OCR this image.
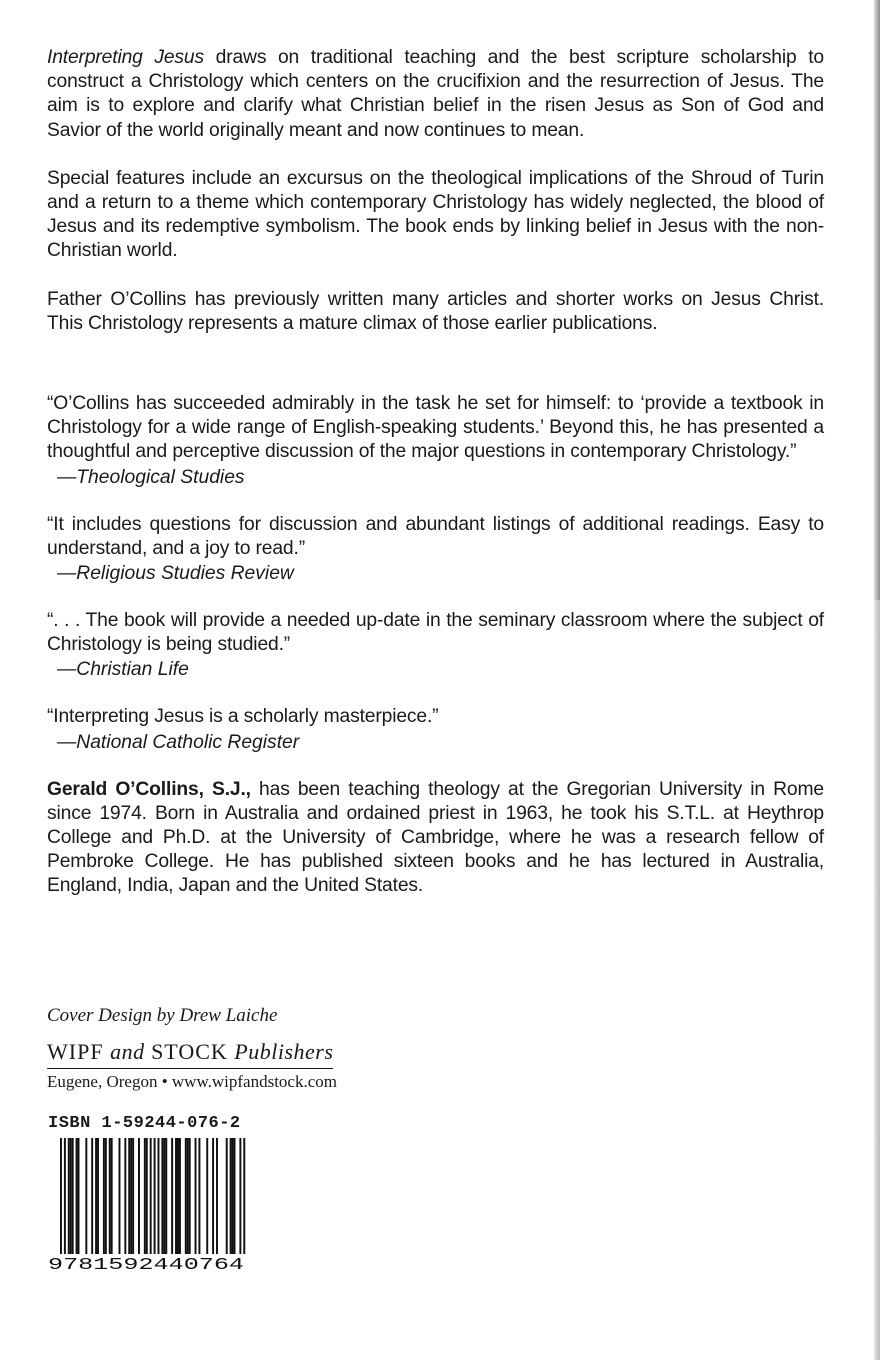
Interpreting Jesus draws on traditional teaching and the best scripture scholarship to construct a Christology which centers on the crucifixion and the resurrection of Jesus. The aim is to explore and clarify what Christian belief in the risen Jesus as Son of God and Savior of the world originally meant and now continues to mean.

Special features include an excursus on the theological implications of the Shroud of Turin and a return to a theme which contemporary Christology has widely neglected, the blood of Jesus and its redemptive symbolism. The book ends by linking belief in Jesus with the non-Christian world.

Father O’Collins has previously written many articles and shorter works on Jesus Christ. This Christology represents a mature climax of those earlier publications.

“O’Collins has succeeded admirably in the task he set for himself: to ‘provide a textbook in Christology for a wide range of English-speaking students.’ Beyond this, he has presented a thoughtful and perceptive discussion of the major questions in contemporary Christology.”

—Theological Studies

“It includes questions for discussion and abundant listings of additional readings. Easy to understand, and a joy to read.”

—Religious Studies Review

“. . . The book will provide a needed up-date in the seminary classroom where the subject of Christology is being studied.”

—Christian Life

“Interpreting Jesus is a scholarly masterpiece.”

—National Catholic Register

Gerald O’Collins, S.J., has been teaching theology at the Gregorian University in Rome since 1974. Born in Australia and ordained priest in 1963, he took his S.T.L. at Heythrop College and Ph.D. at the University of Cambridge, where he was a research fellow of Pembroke College. He has published sixteen books and he has lectured in Australia, England, India, Japan and the United States.

Cover Design by Drew Laiche
WIPF and STOCK Publishers
Eugene, Oregon • www.wipfandstock.com
ISBN 1-59244-076-2
9781592440764
